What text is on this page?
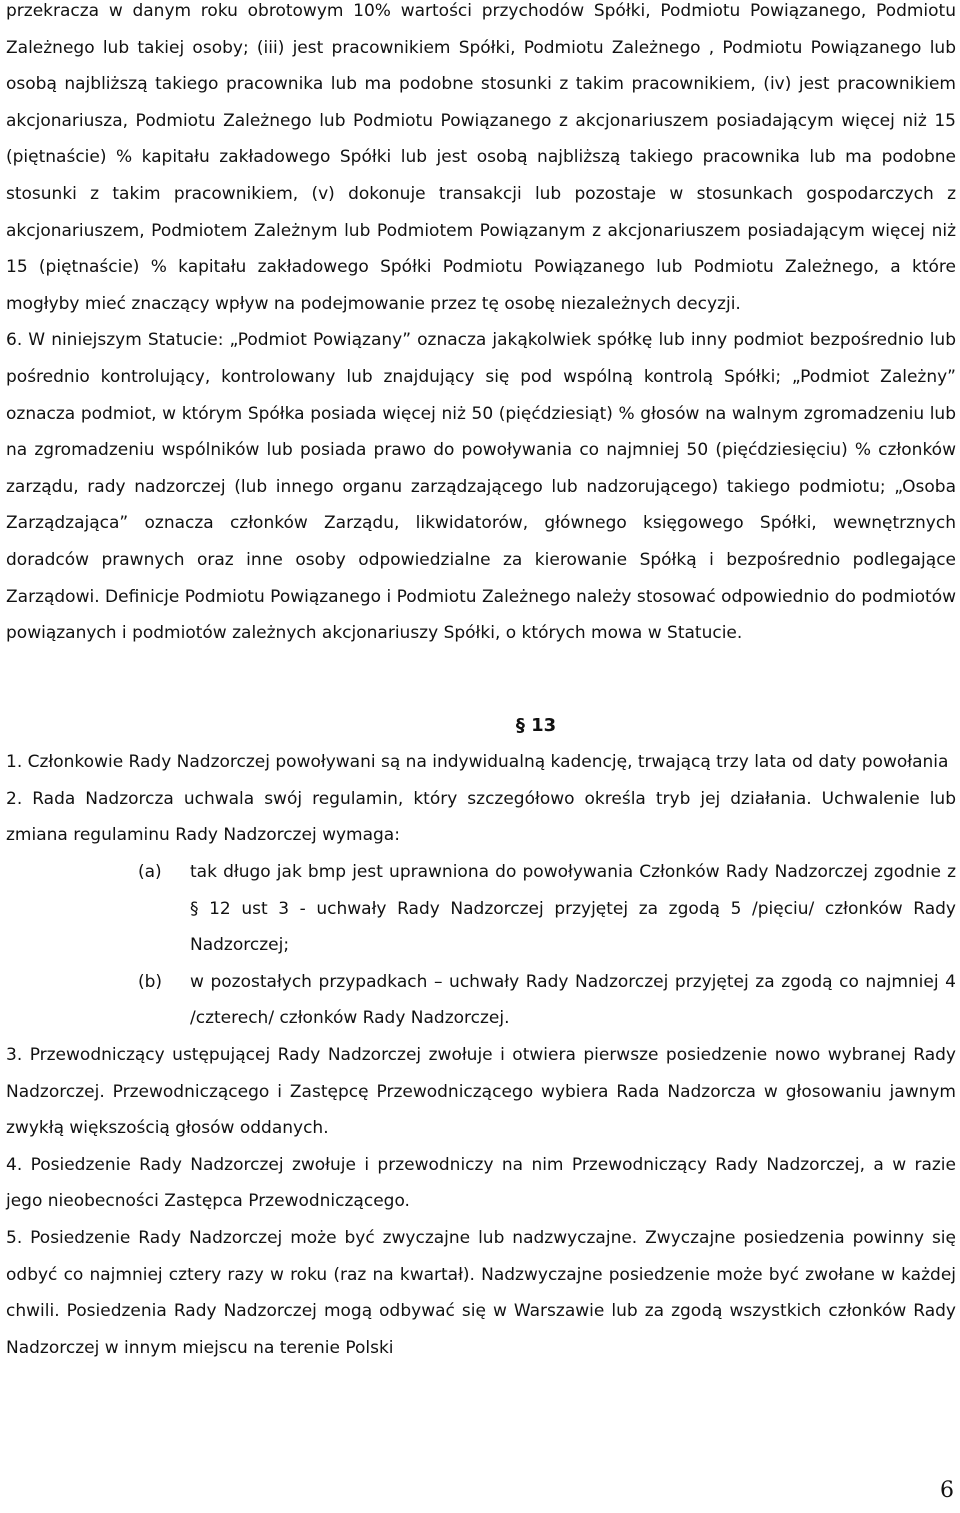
przekracza w danym roku obrotowym 10% wartości przychodów Spółki, Podmiotu Powiązanego, Podmiotu Zależnego lub takiej osoby; (iii) jest pracownikiem Spółki, Podmiotu Zależnego , Podmiotu Powiązanego lub osobą najbliższą takiego pracownika lub ma podobne stosunki z takim pracownikiem, (iv) jest pracownikiem akcjonariusza, Podmiotu Zależnego lub Podmiotu Powiązanego z akcjonariuszem posiadającym więcej niż 15 (piętnaście) % kapitału zakładowego Spółki lub jest osobą najbliższą takiego pracownika lub ma podobne stosunki z takim pracownikiem, (v) dokonuje transakcji lub pozostaje w stosunkach gospodarczych z akcjonariuszem, Podmiotem Zależnym lub Podmiotem Powiązanym z akcjonariuszem posiadającym więcej niż 15 (piętnaście) % kapitału zakładowego Spółki Podmiotu Powiązanego lub Podmiotu Zależnego, a które mogłyby mieć znaczący wpływ na podejmowanie przez tę osobę niezależnych decyzji.

6. W niniejszym Statucie: „Podmiot Powiązany” oznacza jakąkolwiek spółkę lub inny podmiot bezpośrednio lub pośrednio kontrolujący, kontrolowany lub znajdujący się pod wspólną kontrolą Spółki; „Podmiot Zależny” oznacza podmiot, w którym Spółka posiada więcej niż 50 (pięćdziesiąt) % głosów na walnym zgromadzeniu lub na zgromadzeniu wspólników lub posiada prawo do powoływania co najmniej 50 (pięćdziesięciu) % członków zarządu, rady nadzorczej (lub innego organu zarządzającego lub nadzorującego) takiego podmiotu; „Osoba Zarządzająca” oznacza członków Zarządu, likwidatorów, głównego księgowego Spółki, wewnętrznych doradców prawnych oraz inne osoby odpowiedzialne za kierowanie Spółką i bezpośrednio podlegające Zarządowi. Definicje Podmiotu Powiązanego i Podmiotu Zależnego należy stosować odpowiednio do podmiotów powiązanych i podmiotów zależnych akcjonariuszy Spółki, o których mowa w Statucie.

§ 13

1. Członkowie Rady Nadzorczej powoływani są na indywidualną kadencję, trwającą trzy lata od daty powołania

2. Rada Nadzorcza uchwala swój regulamin, który szczegółowo określa tryb jej działania. Uchwalenie lub zmiana regulaminu Rady Nadzorczej wymaga:

(a)	tak długo jak bmp jest uprawniona do powoływania Członków Rady Nadzorczej zgodnie z § 12 ust 3 - uchwały Rady Nadzorczej przyjętej za zgodą 5 /pięciu/ członków Rady Nadzorczej;
(b)	w pozostałych przypadkach – uchwały Rady Nadzorczej przyjętej za zgodą co najmniej 4 /czterech/ członków Rady Nadzorczej.

3. Przewodniczący ustępującej Rady Nadzorczej zwołuje i otwiera pierwsze posiedzenie nowo wybranej Rady Nadzorczej. Przewodniczącego i Zastępcę Przewodniczącego wybiera Rada Nadzorcza w głosowaniu jawnym zwykłą większością głosów oddanych.

4. Posiedzenie Rady Nadzorczej zwołuje i przewodniczy na nim Przewodniczący Rady Nadzorczej, a w razie jego nieobecności Zastępca Przewodniczącego.

5. Posiedzenie Rady Nadzorczej może być zwyczajne lub nadzwyczajne. Zwyczajne posiedzenia powinny się odbyć co najmniej cztery razy w roku (raz na kwartał). Nadzwyczajne posiedzenie może być zwołane w każdej chwili. Posiedzenia Rady Nadzorczej mogą odbywać się w Warszawie lub za zgodą wszystkich członków Rady Nadzorczej w innym miejscu na terenie Polski

6
